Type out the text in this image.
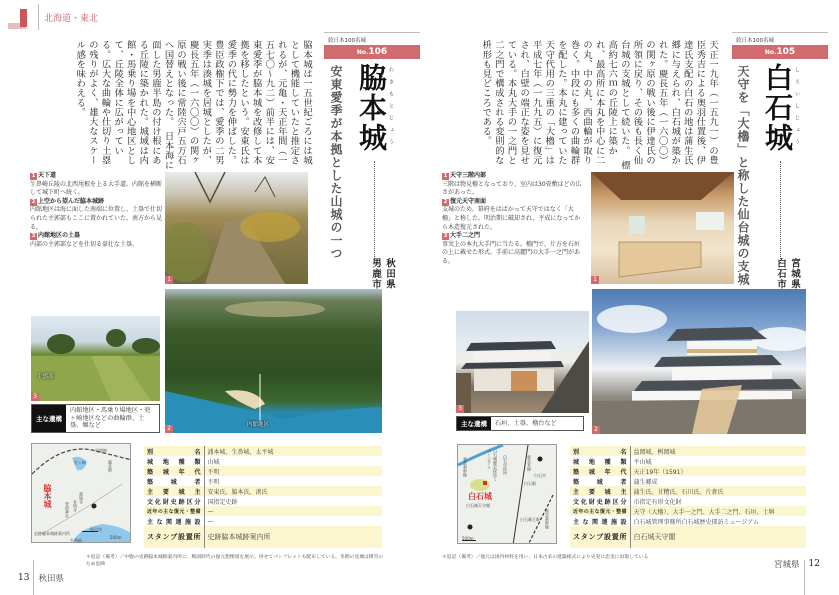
北海道・東北
脇本城は一五世紀ごろには城として機能していたと推定されるが、元亀・天正年間（一五七〇〜九二）前半には、安東愛季が脇本城を改修して本拠を移したという。安東氏は愛季の代に勢力を伸ばした。豊臣政権下では、愛季の二男実季は湊城を居城としたが、慶長五年（一六〇〇）の関ヶ原の戦い後に常陸宍戸五万石へ国替えとなった。　日本海に面した男鹿半島の付け根にある丘陵に築かれた。城域は内館・馬乗り場を中心地区として、丘陵全体に広がっている。広大な曲輪や仕切り土塁の残りがよく、雄大なスケール感を味わえる。	続日本100名城
No.106
脇本城 わきもとじょう
安東愛季が本拠とした山城の一つ
秋田県男鹿市
1 天下道
生鼻崎丘陵の北西尾根を上る大手道。内館を横断して城下町へ続く。
2 上空から望んだ脇本城跡
内館地区は海に面した南端に位置し、土塁で仕切られた主郭部もここに置かれていた。南方から見る。
3 内館地区の土塁
内部の主郭部などを仕切る豪壮な土塁。
1
主郭部
3
内館地区
2
主な遺構
内館地区・馬乗り場地区・兜ヶ崎地区などの曲輪群、土塁、堀など
脇本城
男鹿線
打ヶ崎	脇本駅
萬境寺
本明寺
菅原神社
史跡脇本城跡案内所
秋田湾
生鼻崎
500m
別名	浦本城、生鼻城、太平城
城地種類	山城
築城年代	不明
築城者	不明
主要城主	安東氏、脇本氏、湊氏
文化財史跡区分	国指定史跡
近年の主な復元・整備	—
主な関連施設	—
スタンプ設置所	史跡脇本城跡案内所
＊追記（備考）／中腹の史跡脇本城跡案内所に、戦国時代の復元想像図を展示。併せてパンフレットも配布している。冬期の登城は積雪のため危険
13 秋田県
天正一九年（一五九一）の豊臣秀吉による奥羽仕置後、伊達氏支配の白石の地は蒲生氏郷に与えられ、白石城が築かれた。慶長五年（一六〇〇）の関ヶ原の戦い後に伊達氏の所領に戻り、その後も長く仙台城の支城として続いた。　標高約七六ｍの丘陵上に築かれ、最高所に本丸を中心に二の丸、中の丸、西曲輪が取り巻く。中段にも多くの曲輪群を配した。本丸に建っていた天守代用の三重の「大櫓」は平成七年（一九九五）に復元され、白壁の端正な姿を見せている。本丸大手の一之門と二之門で構成される変則的な枡形も見どころである。	続日本100名城
No.105
白石城 しろいしじょう
天守を「大櫓」と称した仙台城の支城	宮城県白石市
1 天守三階内部
三階は物見櫓となっており、室内は30畳敷ほどの広さがあった。
2 復元天守南面
支城のため、幕府をはばかって天守ではなく「大櫓」と称した。明治期に破却され、平成になってから木造復元された。
3 大手二之門
事実上の本丸大手門に当たる。櫓門で、片方を石垣の上に載せた形式。手前に高麗門の大手一之門がある。
1
3
2
主な遺構	石垣、土塁、櫓台など
白石城
東北新幹線	白石城歴史探訪ミュージアム	白石市役所	東北本線
白石市
白石駅
白石城天守閣
白石蔵王駅 東北新幹線
500m
別名	益岡城、桝岡城
城地種類	平山城
築城年代	天正19年（1591）
築城者	蒲生郷成
主要城主	蒲生氏、甘糟氏、石川氏、片倉氏
文化財史跡区分	市指定有形文化財
近年の主な復元・整備	天守（大櫓）、大手一之門、大手二之門、石垣、土塀
主な関連施設	白石城管理事務所白石城歴史探訪ミュージアム
スタンプ設置所	白石城天守閣
＊追記（備考）／復元は国内材料を用い、日本古来の建築様式により史実に忠実に再現している
宮城県 12
